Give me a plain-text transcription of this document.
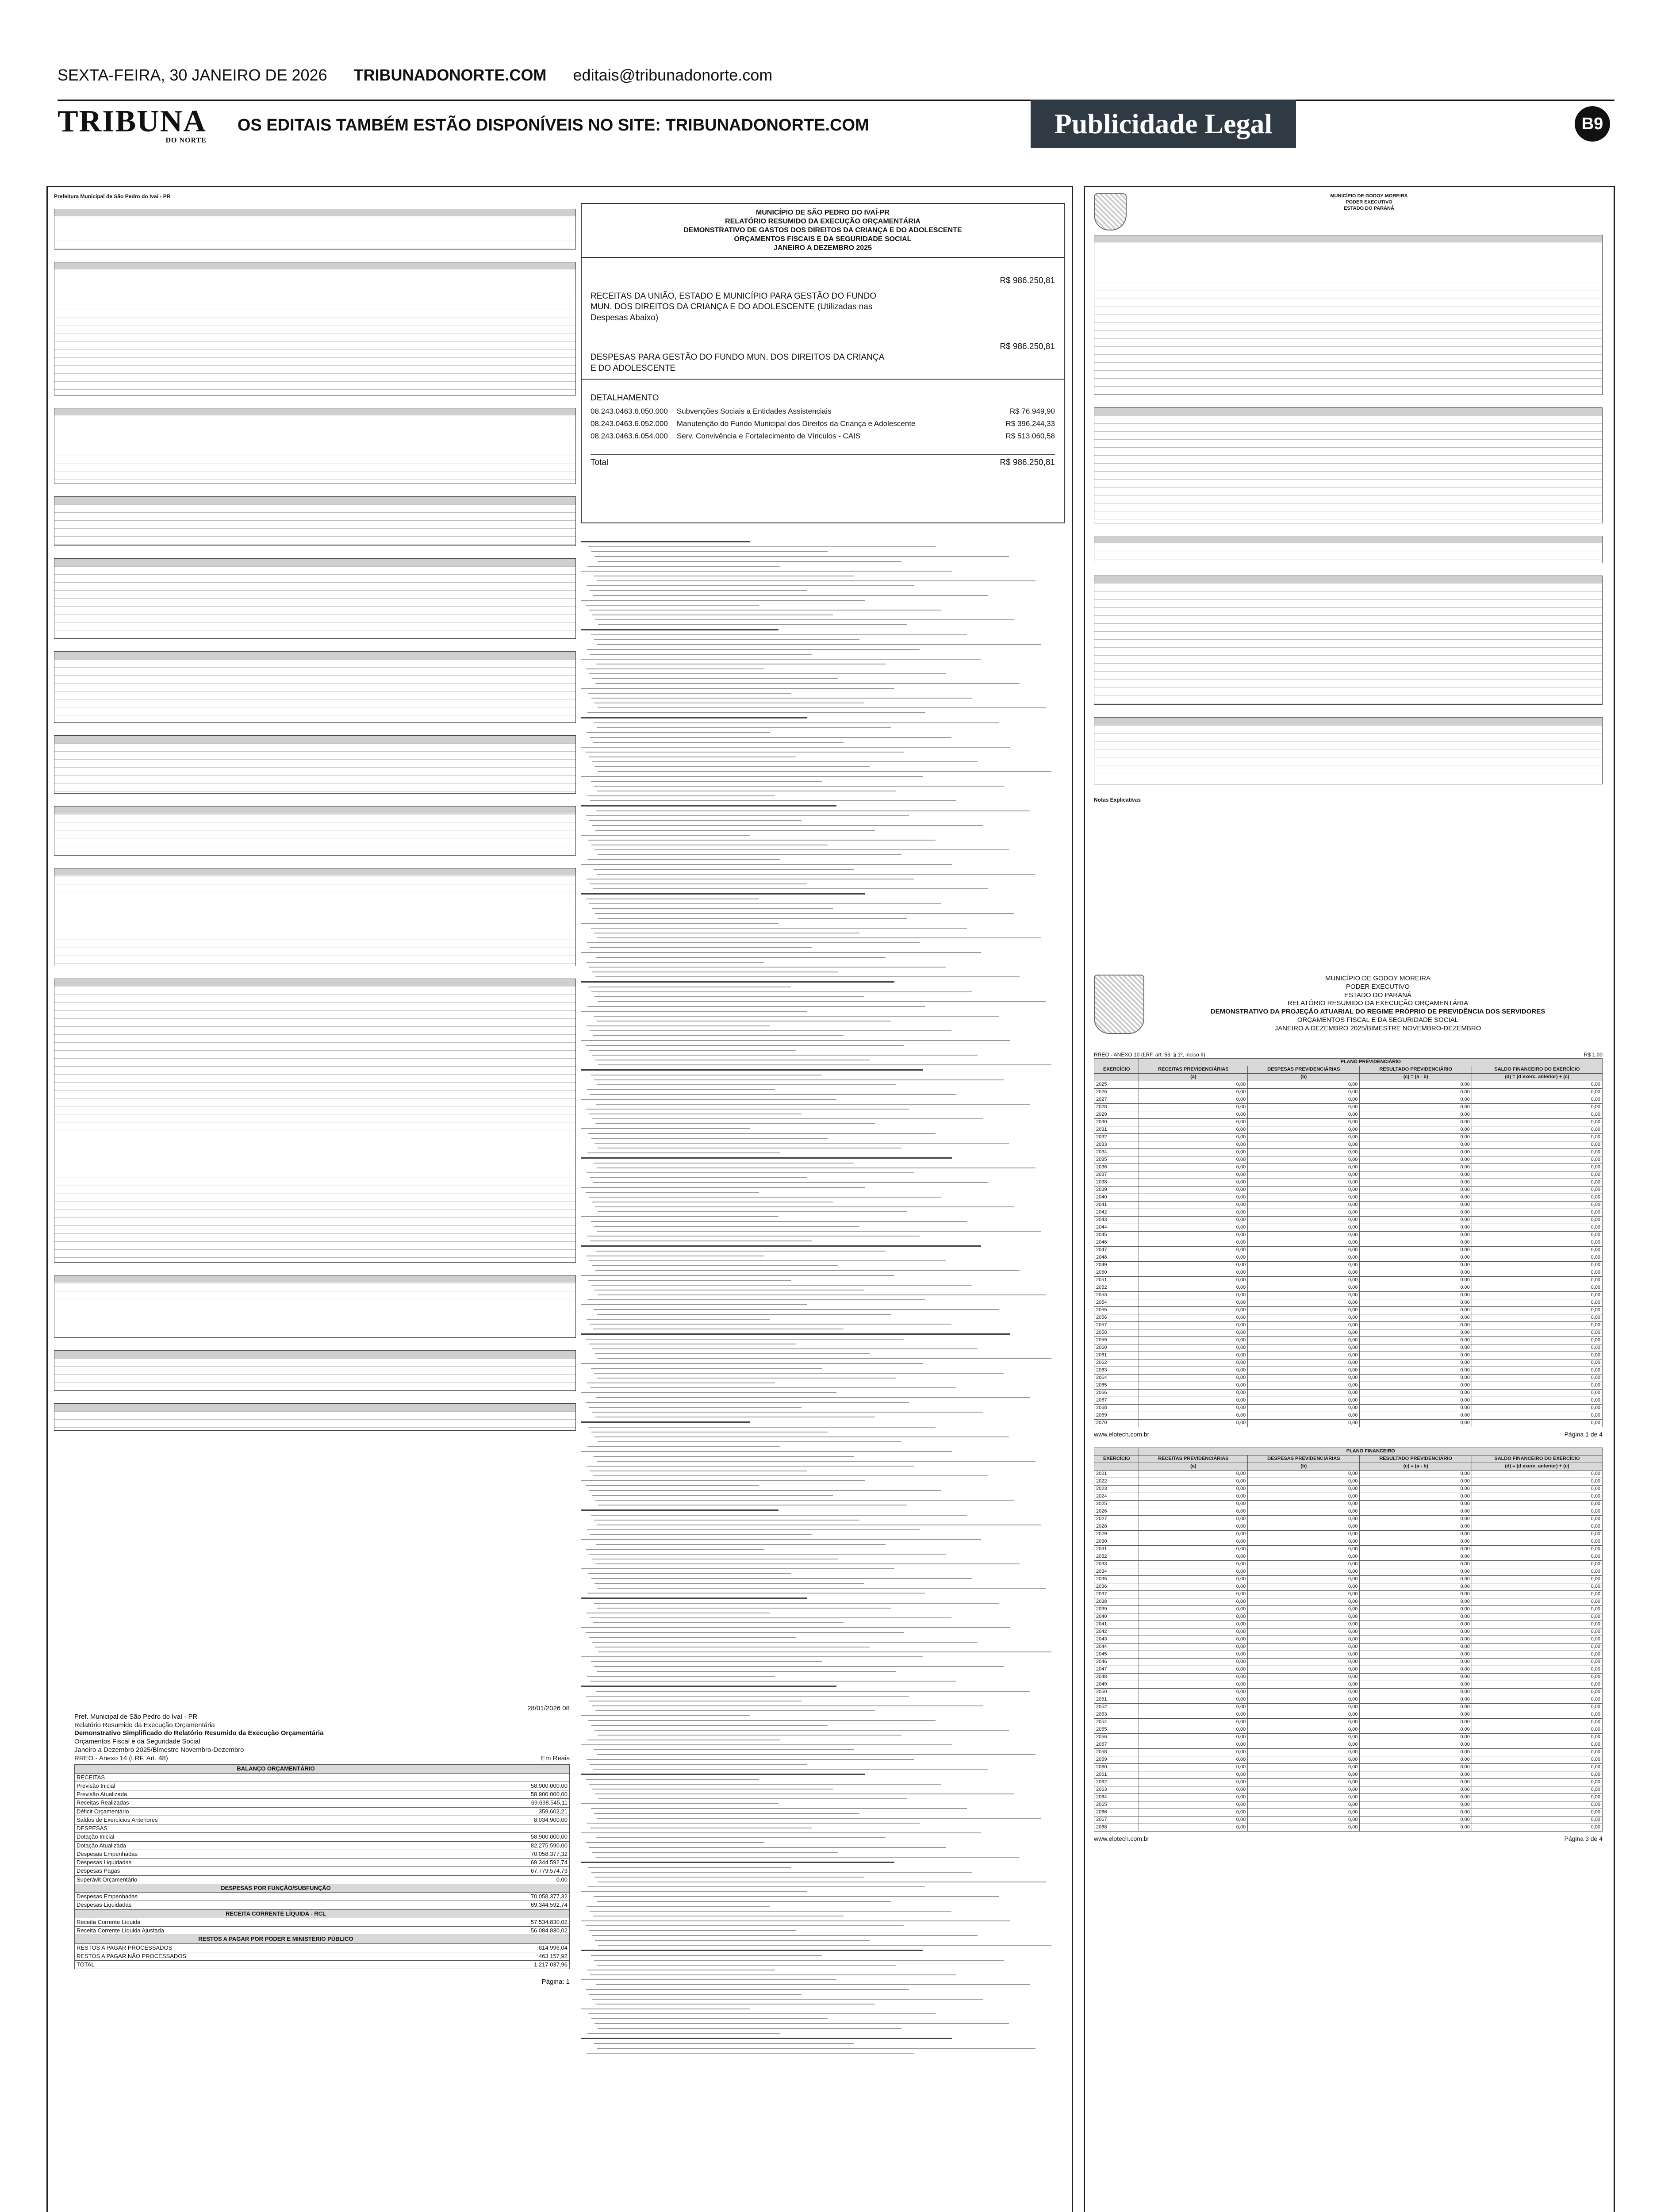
SEXTA-FEIRA, 30 JANEIRO DE 2026 TRIBUNADONORTE.COM editais@tribunadonorte.com
TRIBUNA
DO NORTE
OS EDITAIS TAMBÉM ESTÃO DISPONÍVEIS NO SITE: TRIBUNADONORTE.COM	Publicidade Legal	B9
Prefeitura Municipal de São Pedro do Ivaí - PR
MUNICÍPIO DE SÃO PEDRO DO IVAÍ-PR
RELATÓRIO RESUMIDO DA EXECUÇÃO ORÇAMENTÁRIA
DEMONSTRATIVO DE GASTOS DOS DIREITOS DA CRIANÇA E DO ADOLESCENTE
ORÇAMENTOS FISCAIS E DA SEGURIDADE SOCIAL
JANEIRO A DEZEMBRO 2025
R$ 986.250,81
RECEITAS DA UNIÃO, ESTADO E MUNICÍPIO PARA GESTÃO DO FUNDO MUN. DOS DIREITOS DA CRIANÇA E DO ADOLESCENTE (Utilizadas nas Despesas Abaixo)
R$ 986.250,81
DESPESAS PARA GESTÃO DO FUNDO MUN. DOS DIREITOS DA CRIANÇA E DO ADOLESCENTE
DETALHAMENTO
08.243.0463.6.050.000 Subvenções Sociais a Entidades Assistenciais	R$ 76.949,90
08.243.0463.6.052.000 Manutenção do Fundo Municipal dos Direitos da Criança e Adolescente	R$ 396.244,33
08.243.0463.6.054.000 Serv. Convivência e Fortalecimento de Vínculos - CAIS	R$ 513.060,58
Total	R$ 986.250,81
28/01/2026 08

Pref. Municipal de São Pedro do Ivaí - PR

Relatório Resumido da Execução Orçamentária

Demonstrativo Simplificado do Relatório Resumido da Execução Orçamentária

Orçamentos Fiscal e da Seguridade Social

Janeiro a Dezembro 2025/Bimestre Novembro-Dezembro

RREO - Anexo 14 (LRF, Art. 48)	Em Reais
BALANÇO ORÇAMENTÁRIO	
RECEITAS	
Previsão Inicial	58.900.000,00
Previsão Atualizada	58.900.000,00
Receitas Realizadas	69.698.545,11
Déficit Orçamentário	359.602,21
Saldos de Exercícios Anteriores	8.034.900,00
DESPESAS	
Dotação Inicial	58.900.000,00
Dotação Atualizada	82.275.590,00
Despesas Empenhadas	70.058.377,32
Despesas Liquidadas	69.344.592,74
Despesas Pagas	67.779.574,73
Superávit Orçamentário	0,00
DESPESAS POR FUNÇÃO/SUBFUNÇÃO	
Despesas Empenhadas	70.058.377,32
Despesas Liquidadas	69.344.592,74
RECEITA CORRENTE LÍQUIDA - RCL	
Receita Corrente Líquida	57.534.830,02
Receita Corrente Líquida Ajustada	56.084.830,02
RESTOS A PAGAR POR PODER E MINISTÉRIO PÚBLICO	
RESTOS A PAGAR PROCESSADOS	614.996,04
RESTOS A PAGAR NÃO PROCESSADOS	463.157,92
TOTAL	1.217.037,96
Página: 1

MUNICÍPIO DE GODOY MOREIRA
PODER EXECUTIVO
ESTADO DO PARANÁ
Notas Explicativas
MUNICÍPIO DE GODOY MOREIRA
PODER EXECUTIVO
ESTADO DO PARANÁ
RELATÓRIO RESUMIDO DA EXECUÇÃO ORÇAMENTÁRIA
DEMONSTRATIVO DA PROJEÇÃO ATUARIAL DO REGIME PRÓPRIO DE PREVIDÊNCIA DOS SERVIDORES
ORÇAMENTOS FISCAL E DA SEGURIDADE SOCIAL
JANEIRO A DEZEMBRO 2025/BIMESTRE NOVEMBRO-DEZEMBRO
RREO - ANEXO 10 (LRF, art. 53, § 1º, inciso II)	R$ 1,00
	PLANO PREVIDENCIÁRIO			
EXERCÍCIO	RECEITAS PREVIDENCIÁRIAS	DESPESAS PREVIDENCIÁRIAS	RESULTADO PREVIDENCIÁRIO	SALDO FINANCEIRO DO EXERCÍCIO
	(a)	(b)	(c) = (a - b)	(d) = (d exerc. anterior) + (c)
2025	0,00	0,00	0,00	0,00
2026	0,00	0,00	0,00	0,00
2027	0,00	0,00	0,00	0,00
2028	0,00	0,00	0,00	0,00
2029	0,00	0,00	0,00	0,00
2030	0,00	0,00	0,00	0,00
2031	0,00	0,00	0,00	0,00
2032	0,00	0,00	0,00	0,00
2033	0,00	0,00	0,00	0,00
2034	0,00	0,00	0,00	0,00
2035	0,00	0,00	0,00	0,00
2036	0,00	0,00	0,00	0,00
2037	0,00	0,00	0,00	0,00
2038	0,00	0,00	0,00	0,00
2039	0,00	0,00	0,00	0,00
2040	0,00	0,00	0,00	0,00
2041	0,00	0,00	0,00	0,00
2042	0,00	0,00	0,00	0,00
2043	0,00	0,00	0,00	0,00
2044	0,00	0,00	0,00	0,00
2045	0,00	0,00	0,00	0,00
2046	0,00	0,00	0,00	0,00
2047	0,00	0,00	0,00	0,00
2048	0,00	0,00	0,00	0,00
2049	0,00	0,00	0,00	0,00
2050	0,00	0,00	0,00	0,00
2051	0,00	0,00	0,00	0,00
2052	0,00	0,00	0,00	0,00
2053	0,00	0,00	0,00	0,00
2054	0,00	0,00	0,00	0,00
2055	0,00	0,00	0,00	0,00
2056	0,00	0,00	0,00	0,00
2057	0,00	0,00	0,00	0,00
2058	0,00	0,00	0,00	0,00
2059	0,00	0,00	0,00	0,00
2060	0,00	0,00	0,00	0,00
2061	0,00	0,00	0,00	0,00
2062	0,00	0,00	0,00	0,00
2063	0,00	0,00	0,00	0,00
2064	0,00	0,00	0,00	0,00
2065	0,00	0,00	0,00	0,00
2066	0,00	0,00	0,00	0,00
2067	0,00	0,00	0,00	0,00
2068	0,00	0,00	0,00	0,00
2069	0,00	0,00	0,00	0,00
2070	0,00	0,00	0,00	0,00
www.elotech.com.br	Página 1 de 4
	PLANO FINANCEIRO			
EXERCÍCIO	RECEITAS PREVIDENCIÁRIAS	DESPESAS PREVIDENCIÁRIAS	RESULTADO PREVIDENCIÁRIO	SALDO FINANCEIRO DO EXERCÍCIO
	(a)	(b)	(c) = (a - b)	(d) = (d exerc. anterior) + (c)
2021	0,00	0,00	0,00	0,00
2022	0,00	0,00	0,00	0,00
2023	0,00	0,00	0,00	0,00
2024	0,00	0,00	0,00	0,00
2025	0,00	0,00	0,00	0,00
2026	0,00	0,00	0,00	0,00
2027	0,00	0,00	0,00	0,00
2028	0,00	0,00	0,00	0,00
2029	0,00	0,00	0,00	0,00
2030	0,00	0,00	0,00	0,00
2031	0,00	0,00	0,00	0,00
2032	0,00	0,00	0,00	0,00
2033	0,00	0,00	0,00	0,00
2034	0,00	0,00	0,00	0,00
2035	0,00	0,00	0,00	0,00
2036	0,00	0,00	0,00	0,00
2037	0,00	0,00	0,00	0,00
2038	0,00	0,00	0,00	0,00
2039	0,00	0,00	0,00	0,00
2040	0,00	0,00	0,00	0,00
2041	0,00	0,00	0,00	0,00
2042	0,00	0,00	0,00	0,00
2043	0,00	0,00	0,00	0,00
2044	0,00	0,00	0,00	0,00
2045	0,00	0,00	0,00	0,00
2046	0,00	0,00	0,00	0,00
2047	0,00	0,00	0,00	0,00
2048	0,00	0,00	0,00	0,00
2049	0,00	0,00	0,00	0,00
2050	0,00	0,00	0,00	0,00
2051	0,00	0,00	0,00	0,00
2052	0,00	0,00	0,00	0,00
2053	0,00	0,00	0,00	0,00
2054	0,00	0,00	0,00	0,00
2055	0,00	0,00	0,00	0,00
2056	0,00	0,00	0,00	0,00
2057	0,00	0,00	0,00	0,00
2058	0,00	0,00	0,00	0,00
2059	0,00	0,00	0,00	0,00
2060	0,00	0,00	0,00	0,00
2061	0,00	0,00	0,00	0,00
2062	0,00	0,00	0,00	0,00
2063	0,00	0,00	0,00	0,00
2064	0,00	0,00	0,00	0,00
2065	0,00	0,00	0,00	0,00
2066	0,00	0,00	0,00	0,00
2067	0,00	0,00	0,00	0,00
2068	0,00	0,00	0,00	0,00
www.elotech.com.br	Página 3 de 4
